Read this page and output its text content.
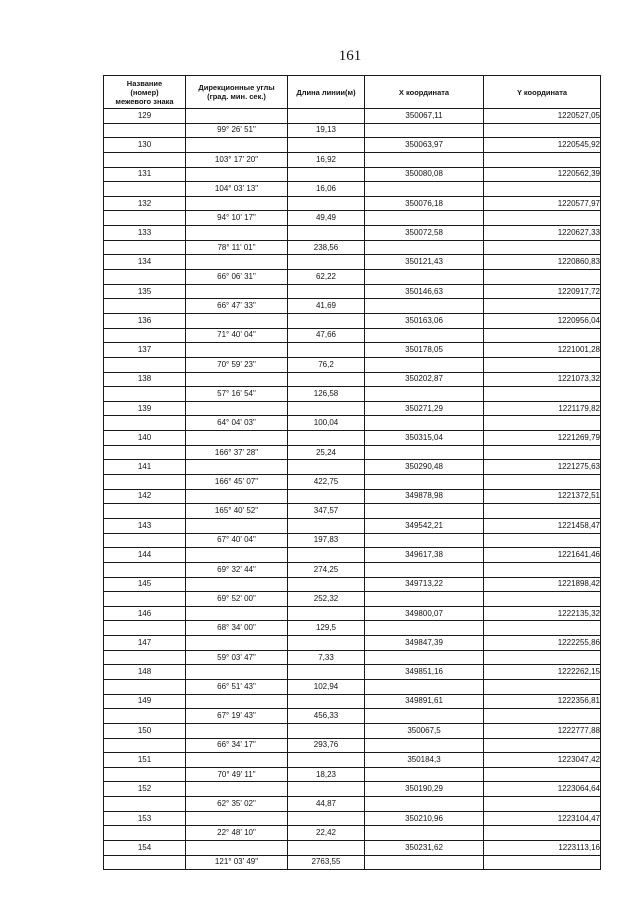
161
Название
(номер)
межевого знака	Дирекционные углы
(град. мин. сек.)	Длина линии(м)	X координата	Y координата
129			350067,11	1220527,05
	99° 26' 51"	19,13		
130			350063,97	1220545,92
	103° 17' 20"	16,92		
131			350080,08	1220562,39
	104° 03' 13"	16,06		
132			350076,18	1220577,97
	94° 10' 17"	49,49		
133			350072,58	1220627,33
	78° 11' 01"	238,56		
134			350121,43	1220860,83
	66° 06' 31"	62,22		
135			350146,63	1220917,72
	66° 47' 33"	41,69		
136			350163,06	1220956,04
	71° 40' 04"	47,66		
137			350178,05	1221001,28
	70° 59' 23"	76,2		
138			350202,87	1221073,32
	57° 16' 54"	126,58		
139			350271,29	1221179,82
	64° 04' 03"	100,04		
140			350315,04	1221269,79
	166° 37' 28"	25,24		
141			350290,48	1221275,63
	166° 45' 07"	422,75		
142			349878,98	1221372,51
	165° 40' 52"	347,57		
143			349542,21	1221458,47
	67° 40' 04"	197,83		
144			349617,38	1221641,46
	69° 32' 44"	274,25		
145			349713,22	1221898,42
	69° 52' 00"	252,32		
146			349800,07	1222135,32
	68° 34' 00"	129,5		
147			349847,39	1222255,86
	59° 03' 47"	7,33		
148			349851,16	1222262,15
	66° 51' 43"	102,94		
149			349891,61	1222356,81
	67° 19' 43"	456,33		
150			350067,5	1222777,88
	66° 34' 17"	293,76		
151			350184,3	1223047,42
	70° 49' 11"	18,23		
152			350190,29	1223064,64
	62° 35' 02"	44,87		
153			350210,96	1223104,47
	22° 48' 10"	22,42		
154			350231,62	1223113,16
	121° 03' 49"	2763,55		
